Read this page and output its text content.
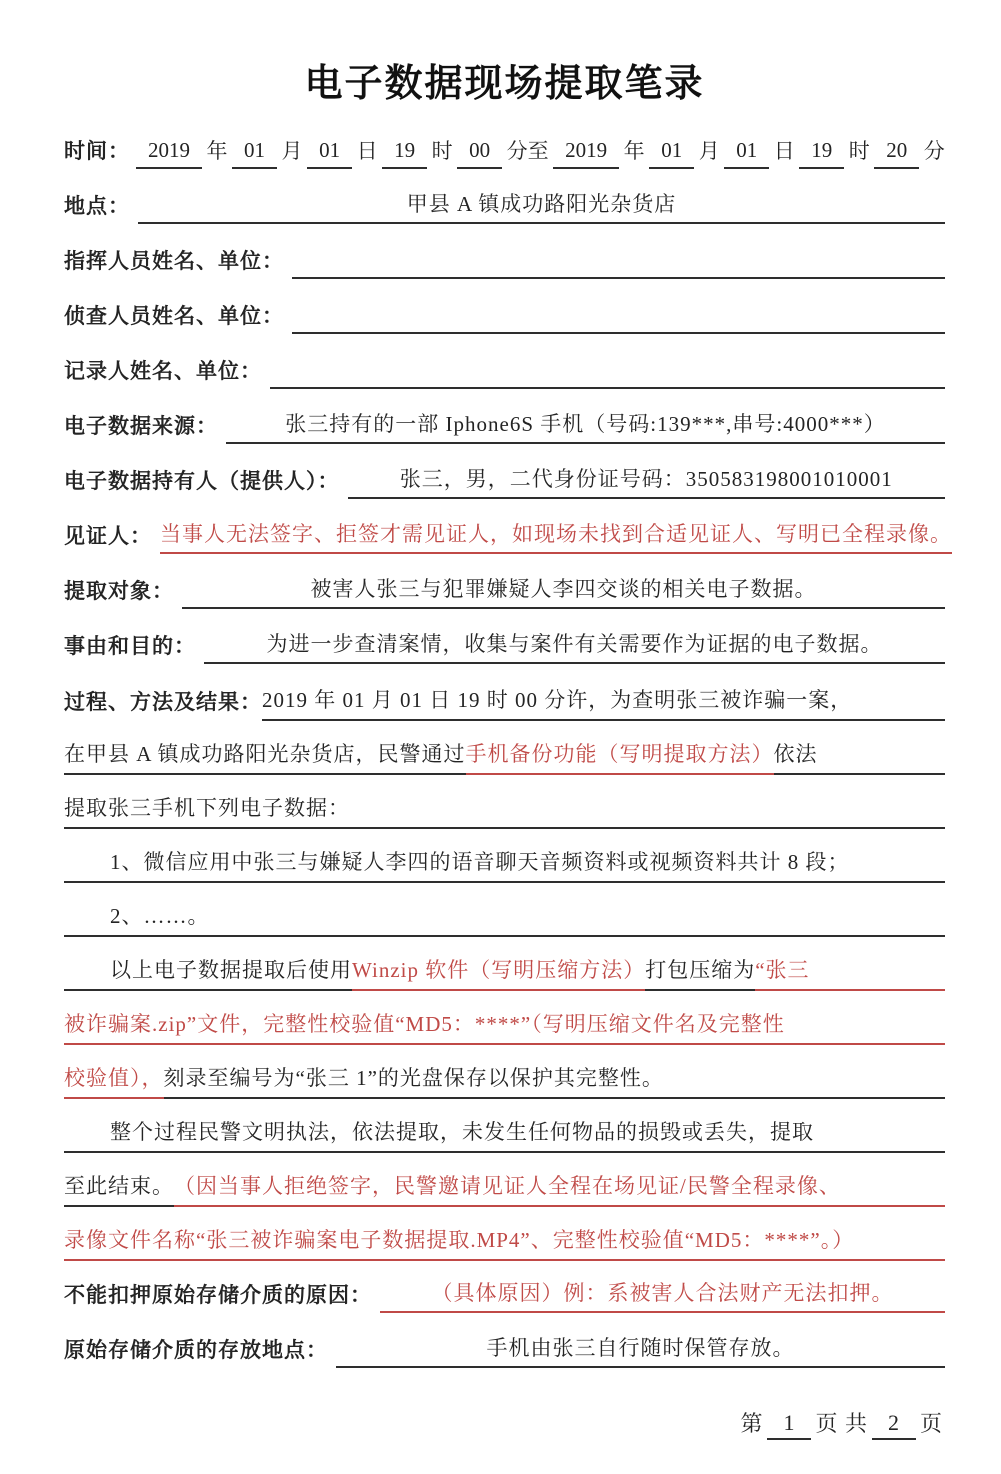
电子数据现场提取笔录
时间： 2019 年 01 月 01 日 19 时 00 分至 2019 年 01 月 01 日 19 时 20 分
地点：	甲县 A 镇成功路阳光杂货店
指挥人员姓名、单位：
侦查人员姓名、单位：
记录人姓名、单位：
电子数据来源：	张三持有的一部 Iphone6S 手机（号码:139***,串号:4000***）
电子数据持有人（提供人）：	张三，男，二代身份证号码：350583198001010001
见证人： 当事人无法签字、拒签才需见证人，如现场未找到合适见证人、写明已全程录像。
提取对象：	被害人张三与犯罪嫌疑人李四交谈的相关电子数据。
事由和目的：	为进一步查清案情，收集与案件有关需要作为证据的电子数据。
过程、方法及结果： 2019 年 01 月 01 日 19 时 00 分许，为查明张三被诈骗一案，
在甲县 A 镇成功路阳光杂货店，民警通过 手机备份功能（写明提取方法） 依法
提取张三手机下列电子数据：
1、微信应用中张三与嫌疑人李四的语音聊天音频资料或视频资料共计 8 段；
2、……。
以上电子数据提取后使用 Winzip 软件（写明压缩方法） 打包压缩为 “张三
被诈骗案.zip”文件，完整性校验值“MD5：****”（写明压缩文件名及完整性
校验值）， 刻录至编号为“张三 1”的光盘保存以保护其完整性。
整个过程民警文明执法，依法提取，未发生任何物品的损毁或丢失，提取
至此结束。 （因当事人拒绝签字，民警邀请见证人全程在场见证/民警全程录像、
录像文件名称“张三被诈骗案电子数据提取.MP4”、完整性校验值“MD5：****”。）
不能扣押原始存储介质的原因：	（具体原因）例：系被害人合法财产无法扣押。
原始存储介质的存放地点：	手机由张三自行随时保管存放。
第 1 页 共 2 页
